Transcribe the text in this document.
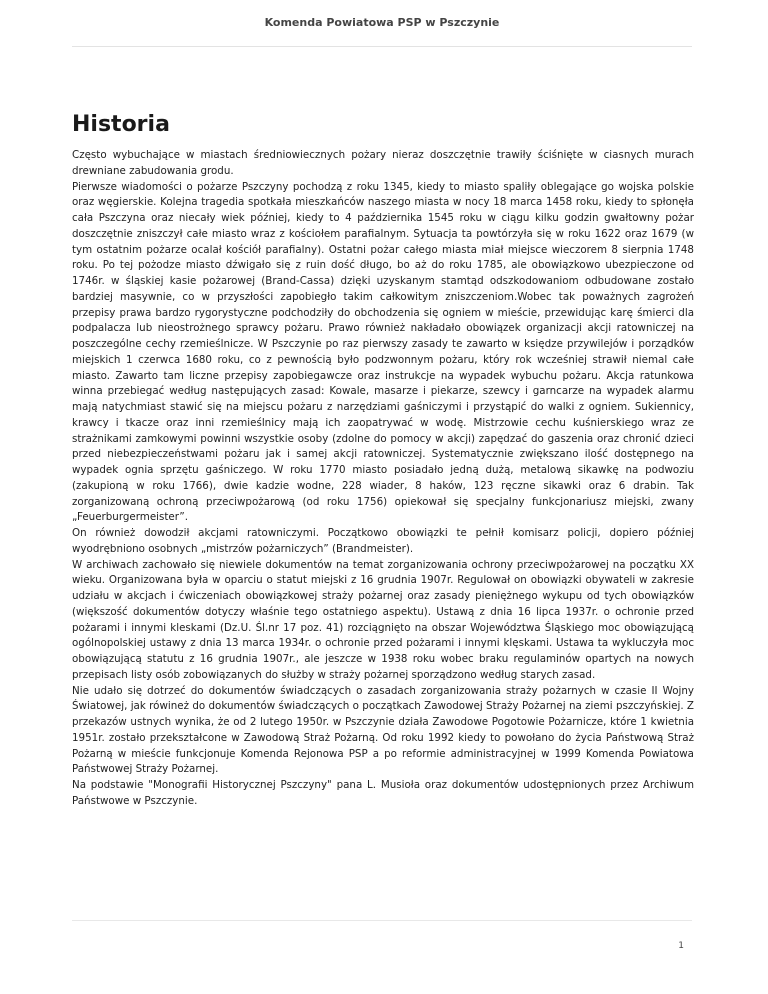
Komenda Powiatowa PSP w Pszczynie
Historia

Często wybuchające w miastach średniowiecznych pożary nieraz doszczętnie trawiły ściśnięte w ciasnych murach drewniane zabudowania grodu.

Pierwsze wiadomości o pożarze Pszczyny pochodzą z roku 1345, kiedy to miasto spaliły oblegające go wojska polskie oraz węgierskie. Kolejna tragedia spotkała mieszkańców naszego miasta w nocy 18 marca 1458 roku, kiedy to spłonęła cała Pszczyna oraz niecały wiek później, kiedy to 4 października 1545 roku w ciągu kilku godzin gwałtowny pożar doszczętnie zniszczył całe miasto wraz z kościołem parafialnym. Sytuacja ta powtórzyła się w roku 1622 oraz 1679 (w tym ostatnim pożarze ocalał kościół parafialny). Ostatni pożar całego miasta miał miejsce wieczorem 8 sierpnia 1748 roku. Po tej pożodze miasto dźwigało się z ruin dość długo, bo aż do roku 1785, ale obowiązkowo ubezpieczone od 1746r. w śląskiej kasie pożarowej (Brand-Cassa) dzięki uzyskanym stamtąd odszkodowaniom odbudowane zostało bardziej masywnie, co w przyszłości zapobiegło takim całkowitym zniszczeniom.Wobec tak poważnych zagrożeń przepisy prawa bardzo rygorystyczne podchodziły do obchodzenia się ogniem w mieście, przewidując karę śmierci dla podpalacza lub nieostrożnego sprawcy pożaru. Prawo również nakładało obowiązek organizacji akcji ratowniczej na poszczególne cechy rzemieślnicze. W Pszczynie po raz pierwszy zasady te zawarto w księdze przywilejów i porządków miejskich 1 czerwca 1680 roku, co z pewnością było podzwonnym pożaru, który rok wcześniej strawił niemal całe miasto. Zawarto tam liczne przepisy zapobiegawcze oraz instrukcje na wypadek wybuchu pożaru. Akcja ratunkowa winna przebiegać według następujących zasad: Kowale, masarze i piekarze, szewcy i garncarze na wypadek alarmu mają natychmiast stawić się na miejscu pożaru z narzędziami gaśniczymi i przystąpić do walki z ogniem. Sukiennicy, krawcy i tkacze oraz inni rzemieślnicy mają ich zaopatrywać w wodę. Mistrzowie cechu kuśnierskiego wraz ze strażnikami zamkowymi powinni wszystkie osoby (zdolne do pomocy w akcji) zapędzać do gaszenia oraz chronić dzieci przed niebezpieczeństwami pożaru jak i samej akcji ratowniczej. Systematycznie zwiększano ilość dostępnego na wypadek ognia sprzętu gaśniczego. W roku 1770 miasto posiadało jedną dużą, metalową sikawkę na podwoziu (zakupioną w roku 1766), dwie kadzie wodne, 228 wiader, 8 haków, 123 ręczne sikawki oraz 6 drabin. Tak zorganizowaną ochroną przeciwpożarową (od roku 1756) opiekował się specjalny funkcjonariusz miejski, zwany „Feuerburgermeister”.

On również dowodził akcjami ratowniczymi. Początkowo obowiązki te pełnił komisarz policji, dopiero później wyodrębniono osobnych „mistrzów pożarniczych” (Brandmeister).

W archiwach zachowało się niewiele dokumentów na temat zorganizowania ochrony przeciwpożarowej na początku XX wieku. Organizowana była w oparciu o statut miejski z 16 grudnia 1907r. Regulował on obowiązki obywateli w zakresie udziału w akcjach i ćwiczeniach obowiązkowej straży pożarnej oraz zasady pieniężnego wykupu od tych obowiązków (większość dokumentów dotyczy właśnie tego ostatniego aspektu). Ustawą z dnia 16 lipca 1937r. o ochronie przed pożarami i innymi kleskami (Dz.U. Śl.nr 17 poz. 41) rozciągnięto na obszar Województwa Śląskiego moc obowiązującą ogólnopolskiej ustawy z dnia 13 marca 1934r. o ochronie przed pożarami i innymi klęskami. Ustawa ta wykluczyła moc obowiązującą statutu z 16 grudnia 1907r., ale jeszcze w 1938 roku wobec braku regulaminów opartych na nowych przepisach listy osób zobowiązanych do służby w straży pożarnej sporządzono według starych zasad.

Nie udało się dotrzeć do dokumentów świadczących o zasadach zorganizowania straży pożarnych w czasie II Wojny Światowej, jak rówineż do dokumentów świadczących o początkach Zawodowej Straży Pożarnej na ziemi pszczyńskiej. Z przekazów ustnych wynika, że od 2 lutego 1950r. w Pszczynie działa Zawodowe Pogotowie Pożarnicze, które 1 kwietnia 1951r. zostało przekształcone w Zawodową Straż Pożarną. Od roku 1992 kiedy to powołano do życia Państwową Straż Pożarną w mieście funkcjonuje Komenda Rejonowa PSP a po reformie administracyjnej w 1999 Komenda Powiatowa Państwowej Straży Pożarnej.

Na podstawie "Monografii Historycznej Pszczyny" pana L. Musioła oraz dokumentów udostępnionych przez Archiwum Państwowe w Pszczynie.

1
